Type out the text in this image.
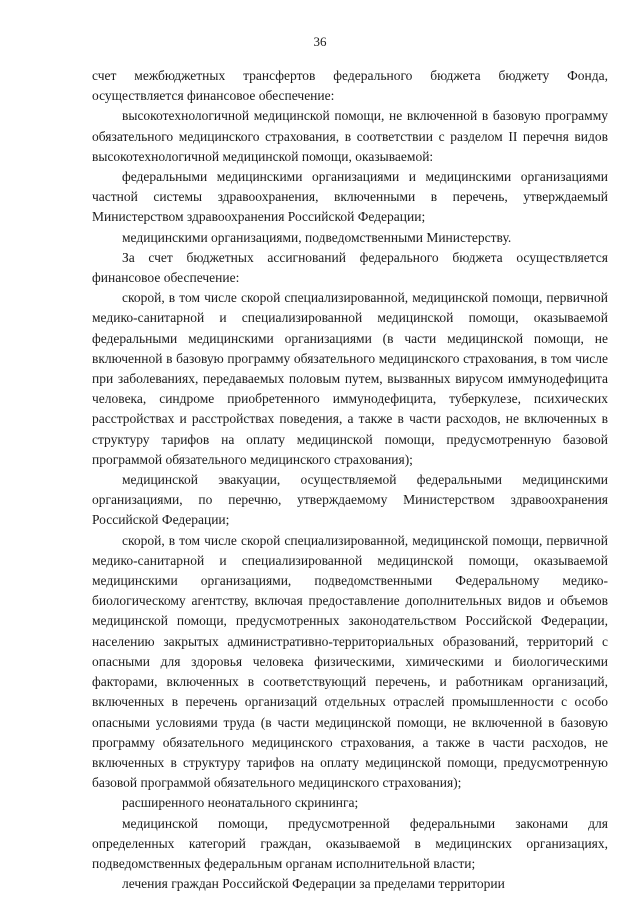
36

счет межбюджетных трансфертов федерального бюджета бюджету Фонда, осуществляется финансовое обеспечение:

высокотехнологичной медицинской помощи, не включенной в базовую программу обязательного медицинского страхования, в соответствии с разделом II перечня видов высокотехнологичной медицинской помощи, оказываемой:

федеральными медицинскими организациями и медицинскими организациями частной системы здравоохранения, включенными в перечень, утверждаемый Министерством здравоохранения Российской Федерации;

медицинскими организациями, подведомственными Министерству.

За счет бюджетных ассигнований федерального бюджета осуществляется финансовое обеспечение:

скорой, в том числе скорой специализированной, медицинской помощи, первичной медико-санитарной и специализированной медицинской помощи, оказываемой федеральными медицинскими организациями (в части медицинской помощи, не включенной в базовую программу обязательного медицинского страхования, в том числе при заболеваниях, передаваемых половым путем, вызванных вирусом иммунодефицита человека, синдроме приобретенного иммунодефицита, туберкулезе, психических расстройствах и расстройствах поведения, а также в части расходов, не включенных в структуру тарифов на оплату медицинской помощи, предусмотренную базовой программой обязательного медицинского страхования);

медицинской эвакуации, осуществляемой федеральными медицинскими организациями, по перечню, утверждаемому Министерством здравоохранения Российской Федерации;

скорой, в том числе скорой специализированной, медицинской помощи, первичной медико-санитарной и специализированной медицинской помощи, оказываемой медицинскими организациями, подведомственными Федеральному медико-биологическому агентству, включая предоставление дополнительных видов и объемов медицинской помощи, предусмотренных законодательством Российской Федерации, населению закрытых административно-территориальных образований, территорий с опасными для здоровья человека физическими, химическими и биологическими факторами, включенных в соответствующий перечень, и работникам организаций, включенных в перечень организаций отдельных отраслей промышленности с особо опасными условиями труда (в части медицинской помощи, не включенной в базовую программу обязательного медицинского страхования, а также в части расходов, не включенных в структуру тарифов на оплату медицинской помощи, предусмотренную базовой программой обязательного медицинского страхования);

расширенного неонатального скрининга;

медицинской помощи, предусмотренной федеральными законами для определенных категорий граждан, оказываемой в медицинских организациях, подведомственных федеральным органам исполнительной власти;

лечения граждан Российской Федерации за пределами территории
